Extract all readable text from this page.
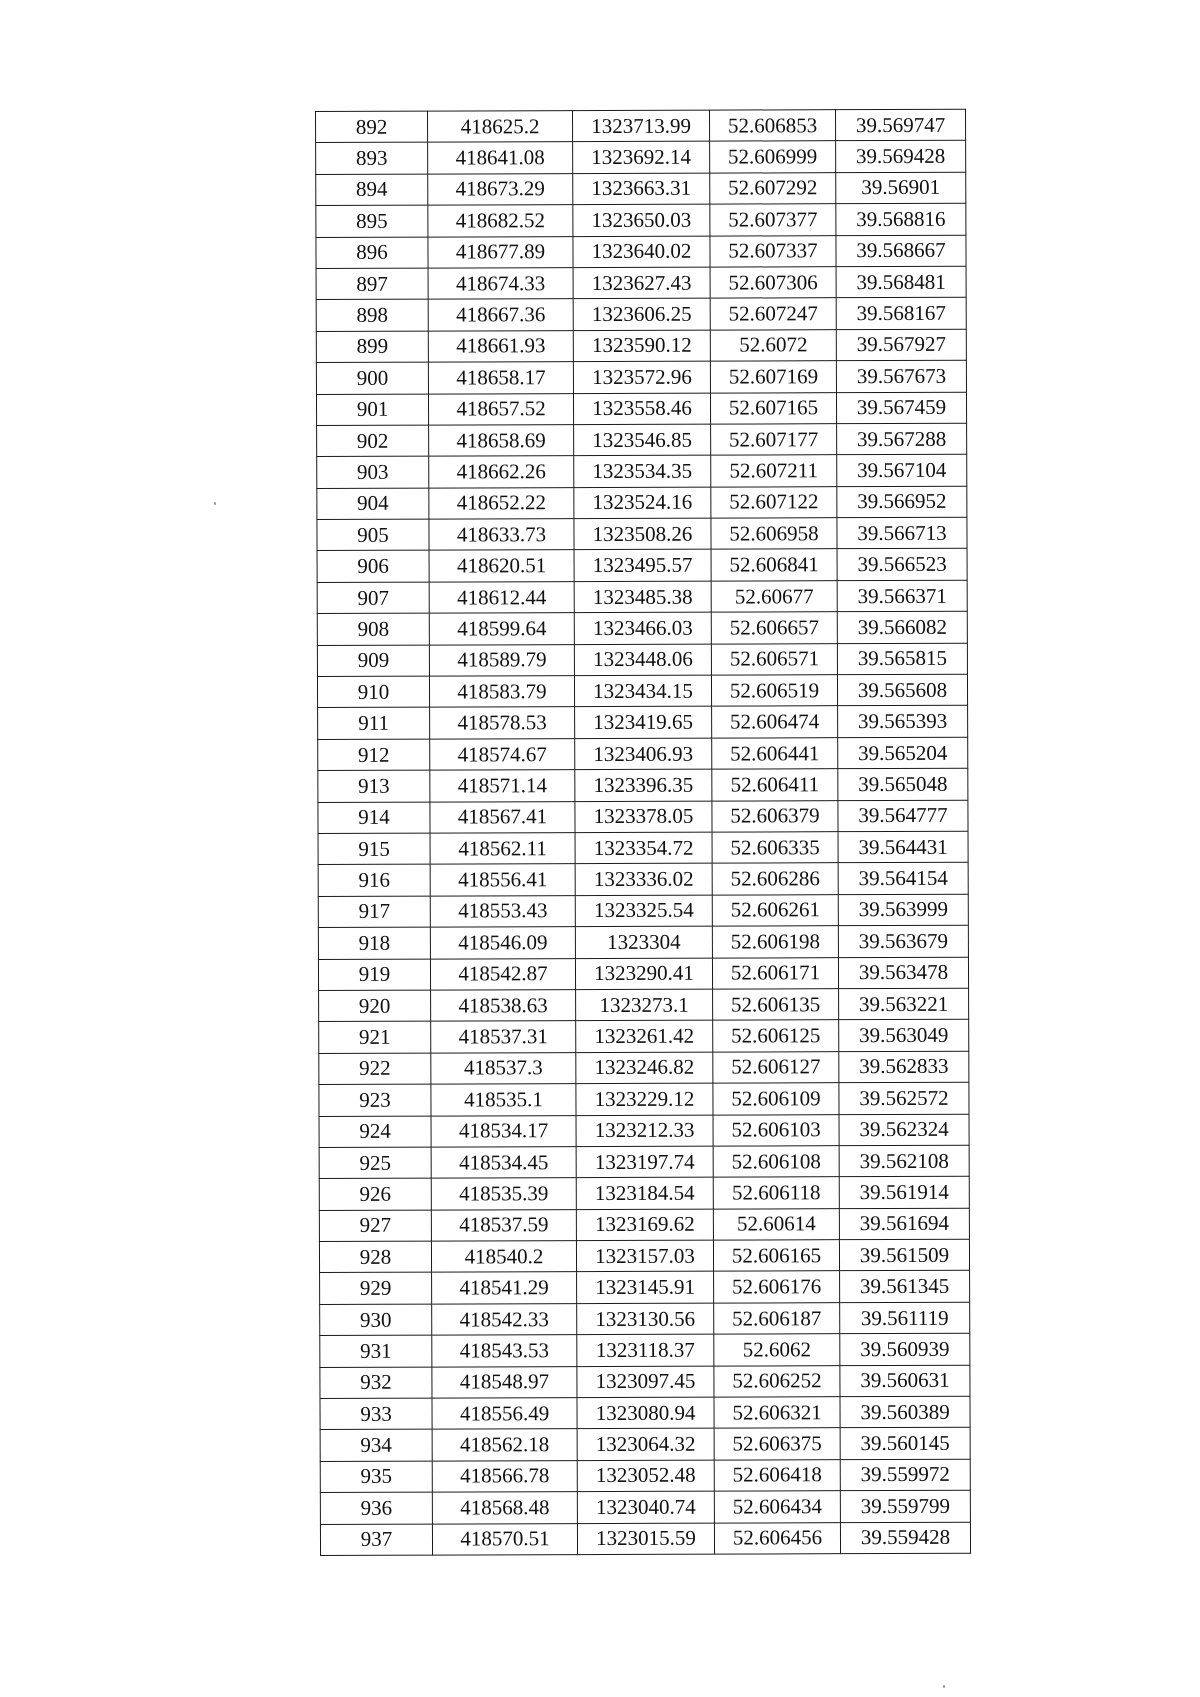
892	418625.2	1323713.99	52.606853	39.569747
893	418641.08	1323692.14	52.606999	39.569428
894	418673.29	1323663.31	52.607292	39.56901
895	418682.52	1323650.03	52.607377	39.568816
896	418677.89	1323640.02	52.607337	39.568667
897	418674.33	1323627.43	52.607306	39.568481
898	418667.36	1323606.25	52.607247	39.568167
899	418661.93	1323590.12	52.6072	39.567927
900	418658.17	1323572.96	52.607169	39.567673
901	418657.52	1323558.46	52.607165	39.567459
902	418658.69	1323546.85	52.607177	39.567288
903	418662.26	1323534.35	52.607211	39.567104
904	418652.22	1323524.16	52.607122	39.566952
905	418633.73	1323508.26	52.606958	39.566713
906	418620.51	1323495.57	52.606841	39.566523
907	418612.44	1323485.38	52.60677	39.566371
908	418599.64	1323466.03	52.606657	39.566082
909	418589.79	1323448.06	52.606571	39.565815
910	418583.79	1323434.15	52.606519	39.565608
911	418578.53	1323419.65	52.606474	39.565393
912	418574.67	1323406.93	52.606441	39.565204
913	418571.14	1323396.35	52.606411	39.565048
914	418567.41	1323378.05	52.606379	39.564777
915	418562.11	1323354.72	52.606335	39.564431
916	418556.41	1323336.02	52.606286	39.564154
917	418553.43	1323325.54	52.606261	39.563999
918	418546.09	1323304	52.606198	39.563679
919	418542.87	1323290.41	52.606171	39.563478
920	418538.63	1323273.1	52.606135	39.563221
921	418537.31	1323261.42	52.606125	39.563049
922	418537.3	1323246.82	52.606127	39.562833
923	418535.1	1323229.12	52.606109	39.562572
924	418534.17	1323212.33	52.606103	39.562324
925	418534.45	1323197.74	52.606108	39.562108
926	418535.39	1323184.54	52.606118	39.561914
927	418537.59	1323169.62	52.60614	39.561694
928	418540.2	1323157.03	52.606165	39.561509
929	418541.29	1323145.91	52.606176	39.561345
930	418542.33	1323130.56	52.606187	39.561119
931	418543.53	1323118.37	52.6062	39.560939
932	418548.97	1323097.45	52.606252	39.560631
933	418556.49	1323080.94	52.606321	39.560389
934	418562.18	1323064.32	52.606375	39.560145
935	418566.78	1323052.48	52.606418	39.559972
936	418568.48	1323040.74	52.606434	39.559799
937	418570.51	1323015.59	52.606456	39.559428
